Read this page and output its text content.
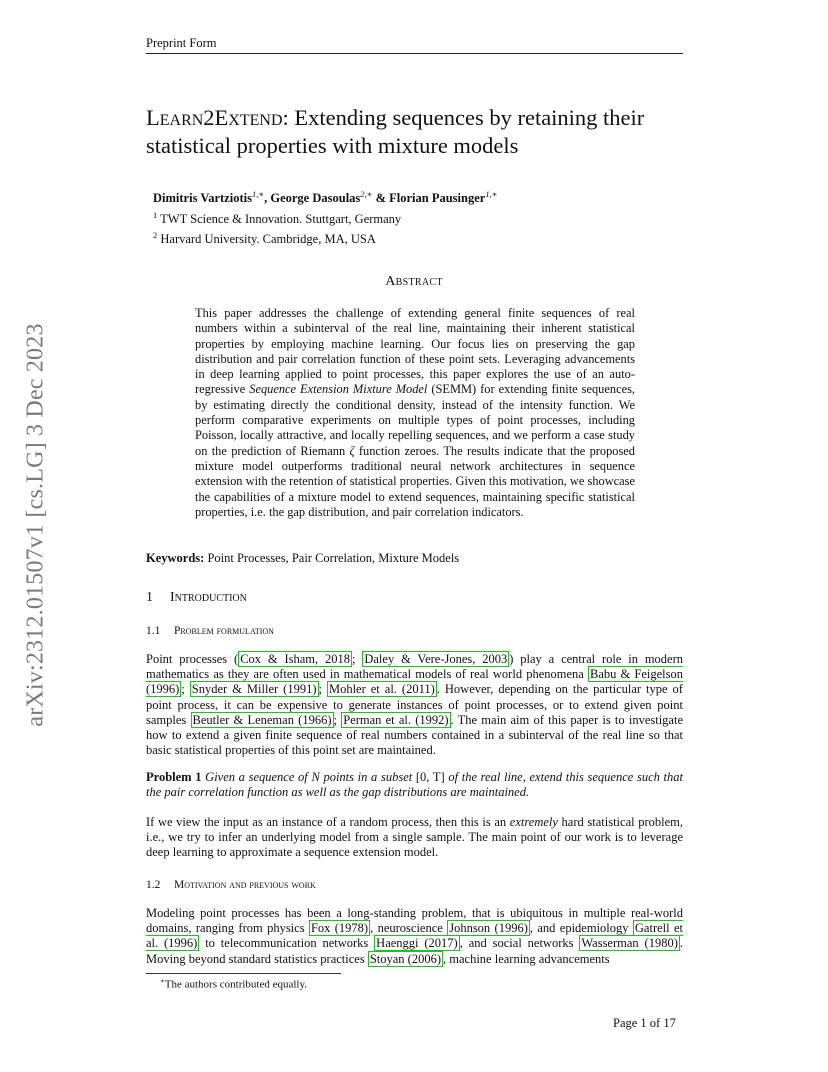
Preprint Form
arXiv:2312.01507v1 [cs.LG] 3 Dec 2023
Learn2Extend: Extending sequences by retaining their statistical properties with mixture models
Dimitris Vartziotis$^{1,∗}$, George Dasoulas$^{2,∗}$ & Florian Pausinger$^{1,∗}$
$^1$ TWT Science & Innovation. Stuttgart, Germany
$^2$ Harvard University. Cambridge, MA, USA
Abstract
This paper addresses the challenge of extending general finite sequences of real numbers within a subinterval of the real line, maintaining their inherent statistical properties by employing machine learning. Our focus lies on preserving the gap distribution and pair correlation function of these point sets. Leveraging advancements in deep learning applied to point processes, this paper explores the use of an auto-regressive Sequence Extension Mixture Model (SEMM) for extending finite sequences, by estimating directly the conditional density, instead of the intensity function. We perform comparative experiments on multiple types of point processes, including Poisson, locally attractive, and locally repelling sequences, and we perform a case study on the prediction of Riemann ζ function zeroes. The results indicate that the proposed mixture model outperforms traditional neural network architectures in sequence extension with the retention of statistical properties. Given this motivation, we showcase the capabilities of a mixture model to extend sequences, maintaining specific statistical properties, i.e. the gap distribution, and pair correlation indicators.
Keywords: Point Processes, Pair Correlation, Mixture Models
1 Introduction
1.1 Problem formulation
Point processes ( Cox & Isham, 2018 ; Daley & Vere-Jones, 2003 ) play a central role in modern mathematics as they are often used in mathematical models of real world phenomena Babu & Feigelson (1996) ; Snyder & Miller (1991) ; Mohler et al. (2011) . However, depending on the particular type of point process, it can be expensive to generate instances of point processes, or to extend given point samples Beutler & Leneman (1966) ; Perman et al. (1992) . The main aim of this paper is to investigate how to extend a given finite sequence of real numbers contained in a subinterval of the real line so that basic statistical properties of this point set are maintained.
Problem 1 Given a sequence of N points in a subset [0, T] of the real line, extend this sequence such that the pair correlation function as well as the gap distributions are maintained.
If we view the input as an instance of a random process, then this is an extremely hard statistical problem, i.e., we try to infer an underlying model from a single sample. The main point of our work is to leverage deep learning to approximate a sequence extension model.
1.2 Motivation and previous work
Modeling point processes has been a long-standing problem, that is ubiquitous in multiple real-world domains, ranging from physics Fox (1978) , neuroscience Johnson (1996) , and epidemiology Gatrell et al. (1996) to telecommunication networks Haenggi (2017) , and social networks Wasserman (1980) . Moving beyond standard statistics practices Stoyan (2006) , machine learning advancements
∗The authors contributed equally.
Page 1 of 17
